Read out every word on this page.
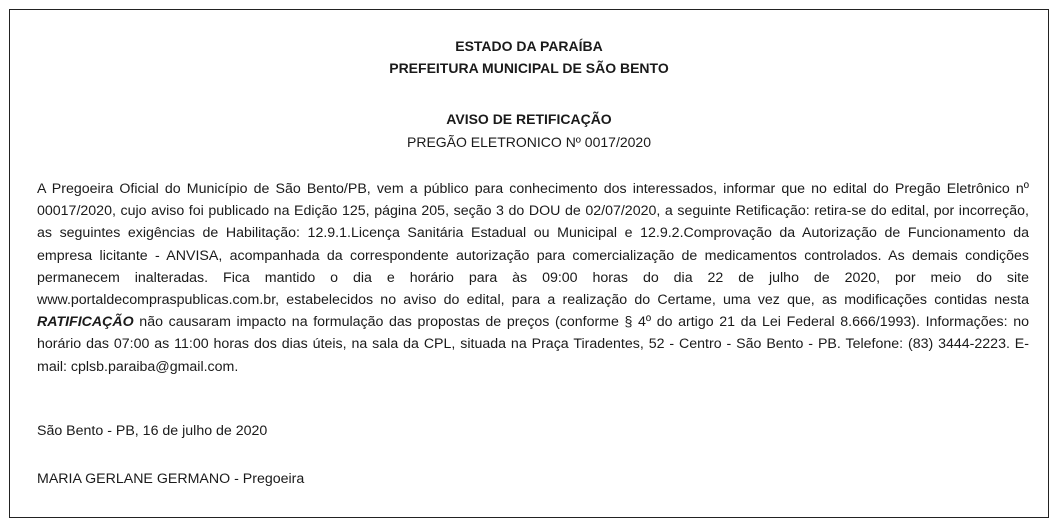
ESTADO DA PARAÍBA
PREFEITURA MUNICIPAL DE SÃO BENTO
AVISO DE RETIFICAÇÃO
PREGÃO ELETRONICO Nº 0017/2020
A Pregoeira Oficial do Município de São Bento/PB, vem a público para conhecimento dos interessados, informar que no edital do Pregão Eletrônico nº 00017/2020, cujo aviso foi publicado na Edição 125, página 205, seção 3 do DOU de 02/07/2020, a seguinte Retificação: retira-se do edital, por incorreção, as seguintes exigências de Habilitação: 12.9.1.Licença Sanitária Estadual ou Municipal e 12.9.2.Comprovação da Autorização de Funcionamento da empresa licitante - ANVISA, acompanhada da correspondente autorização para comercialização de medicamentos controlados. As demais condições permanecem inalteradas. Fica mantido o dia e horário para às 09:00 horas do dia 22 de julho de 2020, por meio do site www.portaldecompraspublicas.com.br, estabelecidos no aviso do edital, para a realização do Certame, uma vez que, as modificações contidas nesta RATIFICAÇÃO não causaram impacto na formulação das propostas de preços (conforme § 4º do artigo 21 da Lei Federal 8.666/1993). Informações: no horário das 07:00 as 11:00 horas dos dias úteis, na sala da CPL, situada na Praça Tiradentes, 52 - Centro - São Bento - PB. Telefone: (83) 3444-2223. E-mail: cplsb.paraiba@gmail.com.
São Bento - PB, 16 de julho de 2020
MARIA GERLANE GERMANO - Pregoeira
